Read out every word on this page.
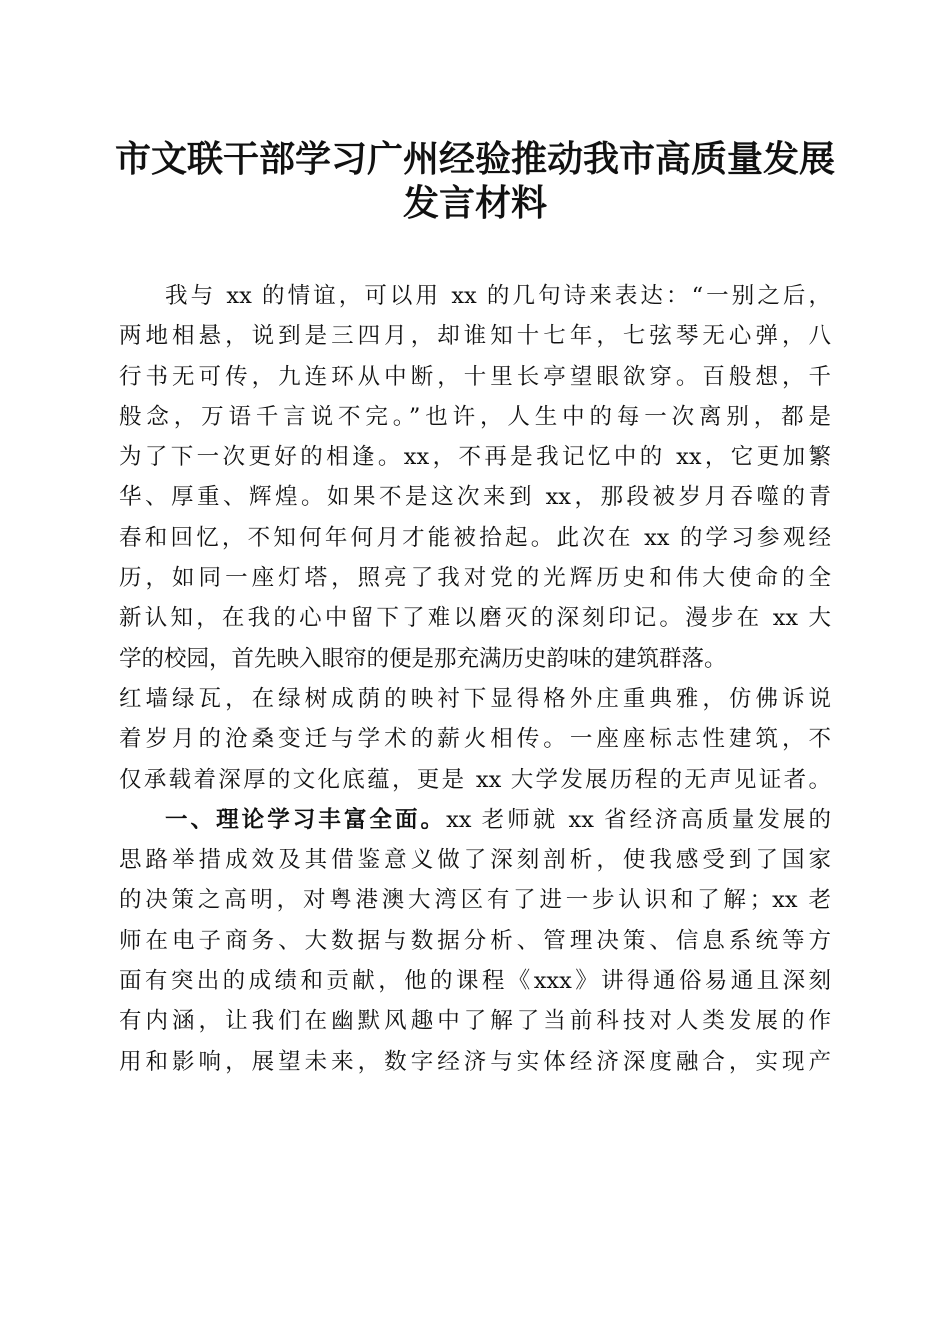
市文联干部学习广州经验推动我市高质量发展
发言材料
我与 xx 的情谊，可以用 xx 的几句诗来表达：“一别之后，
两地相悬，说到是三四月，却谁知十七年，七弦琴无心弹，八
行书无可传，九连环从中断，十里长亭望眼欲穿。百般想，千
般念，万语千言说不完。”也许，人生中的每一次离别，都是
为了下一次更好的相逢。xx，不再是我记忆中的 xx，它更加繁
华、厚重、辉煌。如果不是这次来到 xx，那段被岁月吞噬的青
春和回忆，不知何年何月才能被拾起。此次在 xx 的学习参观经
历，如同一座灯塔，照亮了我对党的光辉历史和伟大使命的全
新认知，在我的心中留下了难以磨灭的深刻印记。漫步在 xx 大
学的校园，首先映入眼帘的便是那充满历史韵味的建筑群落。
红墙绿瓦，在绿树成荫的映衬下显得格外庄重典雅，仿佛诉说
着岁月的沧桑变迁与学术的薪火相传。一座座标志性建筑，不
仅承载着深厚的文化底蕴，更是 xx 大学发展历程的无声见证者。
一、理论学习丰富全面。xx 老师就 xx 省经济高质量发展的
思路举措成效及其借鉴意义做了深刻剖析，使我感受到了国家
的决策之高明，对粤港澳大湾区有了进一步认识和了解；xx 老
师在电子商务、大数据与数据分析、管理决策、信息系统等方
面有突出的成绩和贡献，他的课程《xxx》讲得通俗易通且深刻
有内涵，让我们在幽默风趣中了解了当前科技对人类发展的作
用和影响，展望未来，数字经济与实体经济深度融合，实现产
